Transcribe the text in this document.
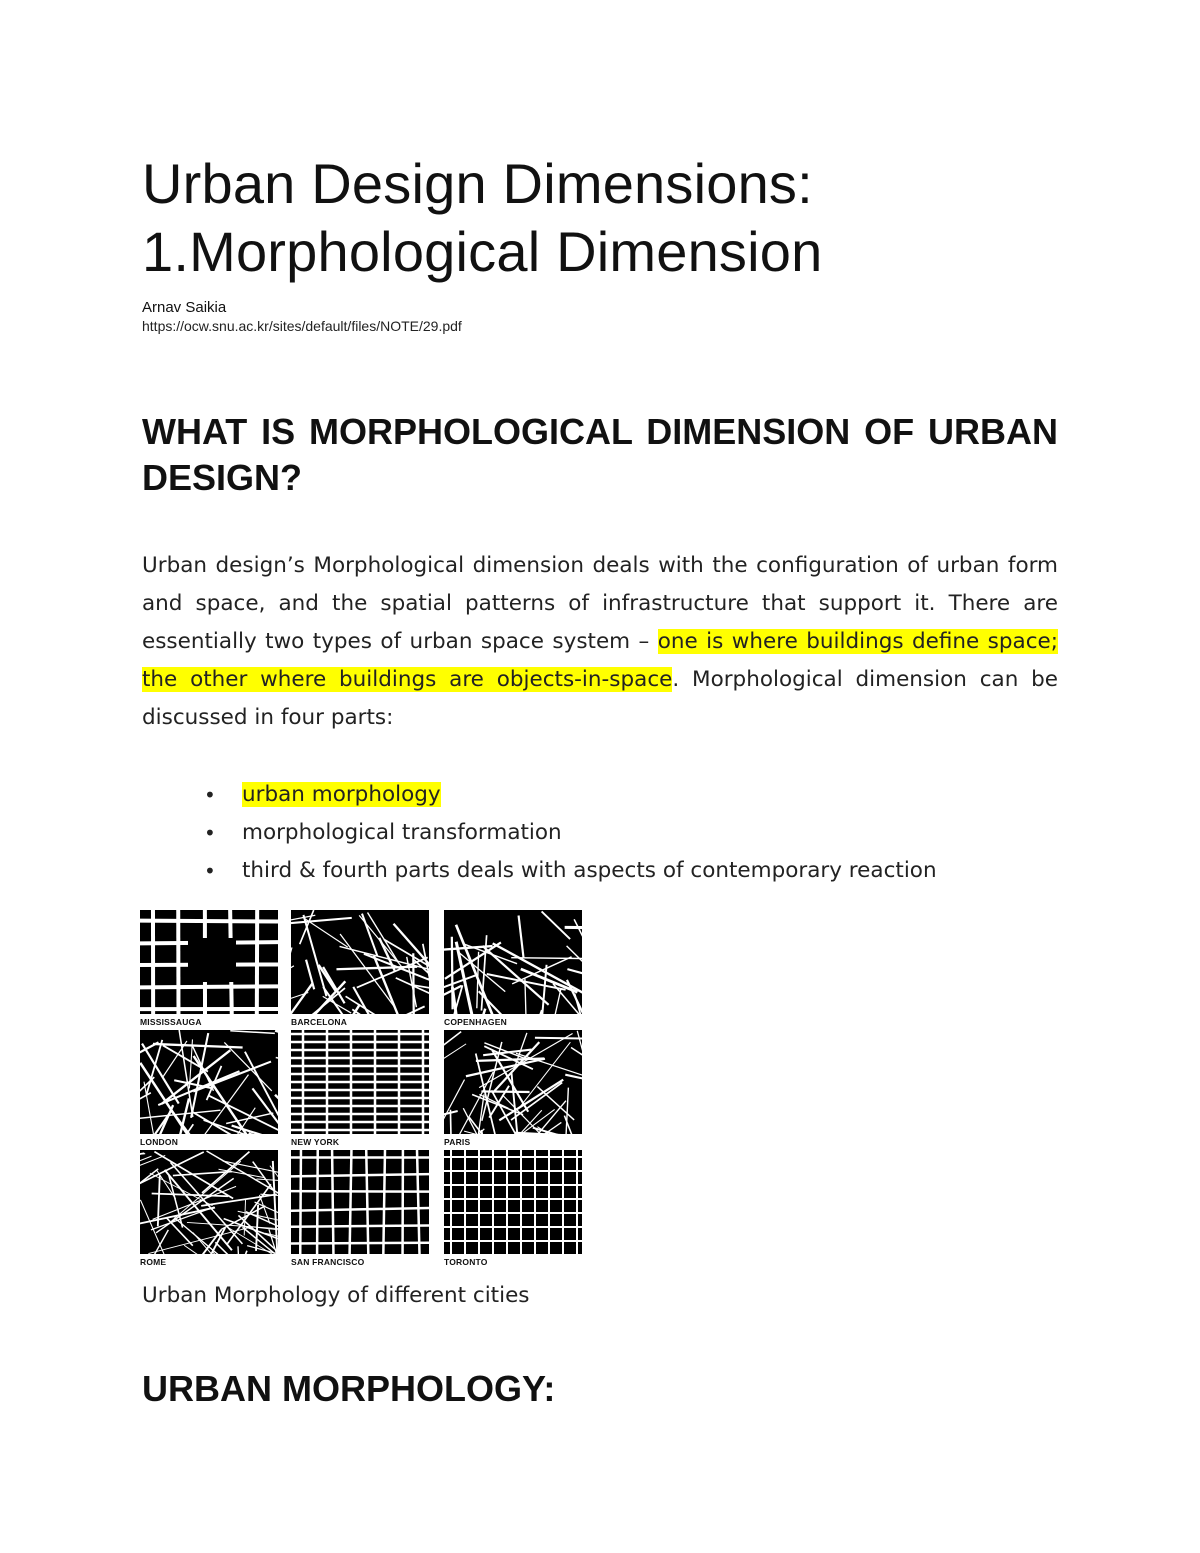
Urban Design Dimensions:
1.Morphological Dimension
Arnav Saikia
https://ocw.snu.ac.kr/sites/default/files/NOTE/29.pdf
WHAT IS MORPHOLOGICAL DIMENSION OF URBAN DESIGN?

Urban design’s Morphological dimension deals with the configuration of urban form and space, and the spatial patterns of infrastructure that support it. There are essentially two types of urban space system – one is where buildings define space; the other where buildings are objects-in-space. Morphological dimension can be discussed in four parts:

• urban morphology
• morphological transformation
• third & fourth parts deals with aspects of contemporary reaction
MISSISSAUGA	BARCELONA	COPENHAGEN
LONDON	NEW YORK	PARIS
ROME	SAN FRANCISCO	TORONTO
Urban Morphology of different cities
URBAN MORPHOLOGY:
